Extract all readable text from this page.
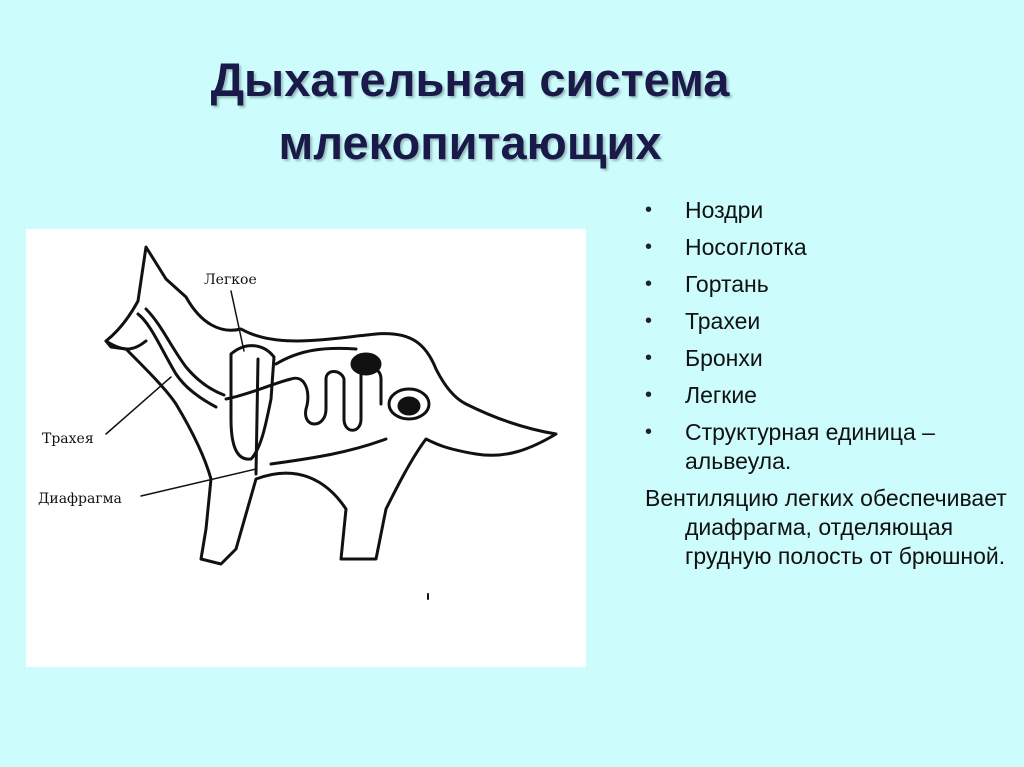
Дыхательная система
млекопитающих
Легкое
Трахея
Диафрагма
•	Ноздри
•	Носоглотка
•	Гортань
•	Трахеи
•	Бронхи
•	Легкие
•	Структурная единица – альвеула.
Вентиляцию легких обеспечивает диафрагма, отделяющая грудную полость от брюшной.
